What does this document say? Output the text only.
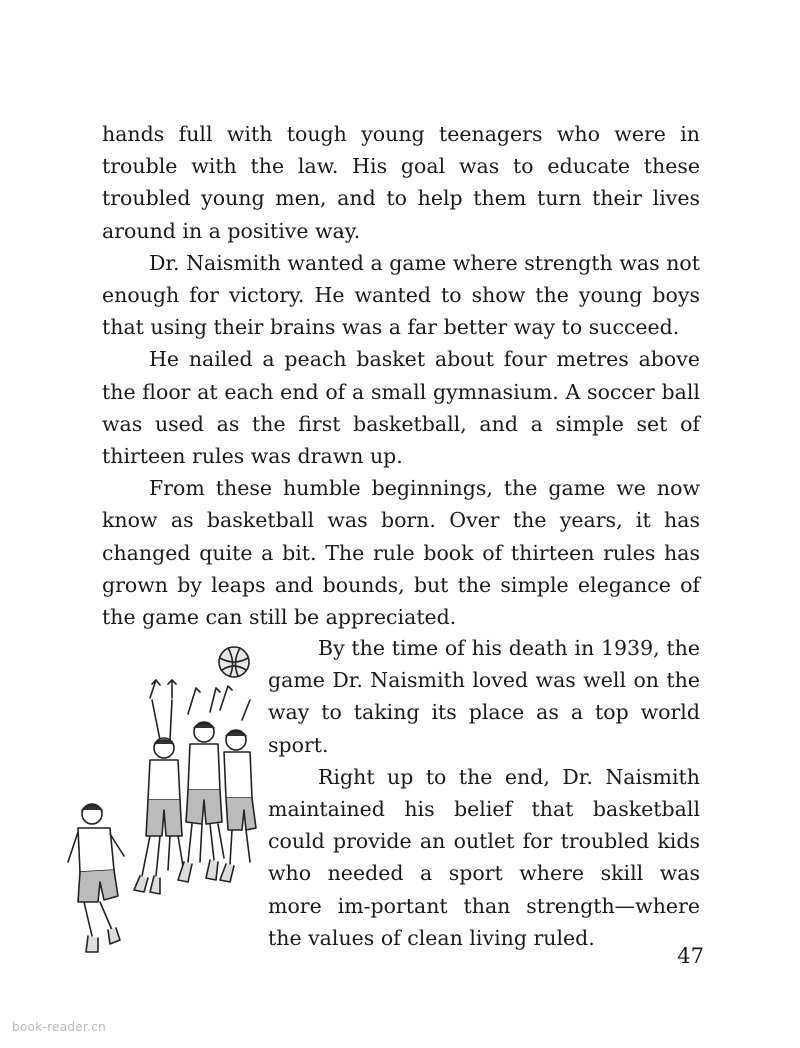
hands full with tough young teenagers who were in trouble with the law. His goal was to educate these troubled young men, and to help them turn their lives around in a positive way.

Dr. Naismith wanted a game where strength was not enough for victory. He wanted to show the young boys that using their brains was a far better way to succeed.

He nailed a peach basket about four metres above the floor at each end of a small gymnasium. A soccer ball was used as the first basketball, and a simple set of thirteen rules was drawn up.

From these humble beginnings, the game we now know as basketball was born. Over the years, it has changed quite a bit. The rule book of thirteen rules has grown by leaps and bounds, but the simple elegance of the game can still be appreciated.

By the time of his death in 1939, the game Dr. Naismith loved was well on the way to taking its place as a top world sport.

Right up to the end, Dr. Naismith maintained his belief that basketball could provide an outlet for troubled kids who needed a sport where skill was more im-portant than strength—where the values of clean living ruled.

47
book-reader.cn
